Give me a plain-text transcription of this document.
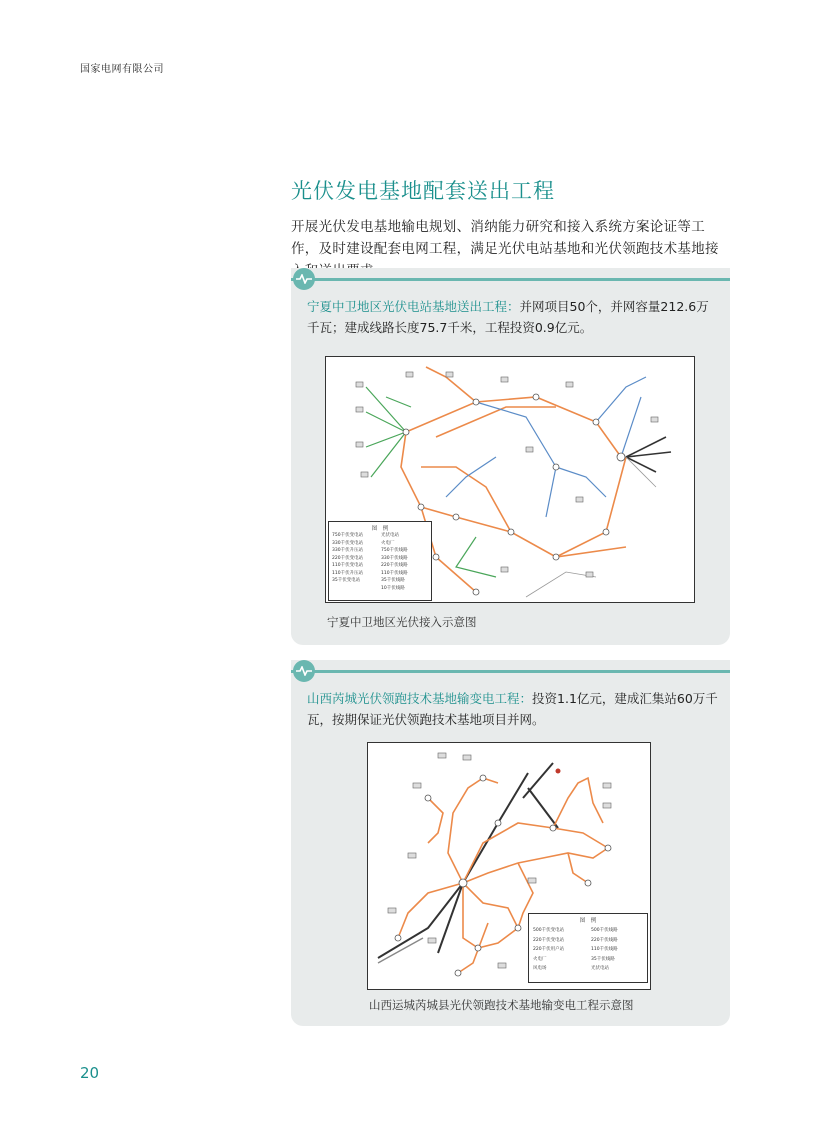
国家电网有限公司
光伏发电基地配套送出工程
开展光伏发电基地输电规划、消纳能力研究和接入系统方案论证等工作，及时建设配套电网工程，满足光伏电站基地和光伏领跑技术基地接
宁夏中卫地区光伏电站基地送出工程：并网项目50个，并网容量212.6万千瓦；建成线路长度75.7千米，工程投资0.9亿元。
图　例
750千伏变电站
330千伏变电站
330千伏升压站
220千伏变电站
110千伏变电站
110千伏升压站
35千伏变电站
光伏电站
火电厂
750千伏线路
330千伏线路
220千伏线路
110千伏线路
35千伏线路
10千伏线路
宁夏中卫地区光伏接入示意图
山西芮城光伏领跑技术基地输变电工程：投资1.1亿元，建成汇集站60万千瓦，按期保证光伏领跑技术基地项目并网。
图　例
500千伏变电站
220千伏变电站
220千伏用户站
火电厂
风电场
500千伏线路
220千伏线路
110千伏线路
35千伏线路
光伏电站
山西运城芮城县光伏领跑技术基地输变电工程示意图
20
